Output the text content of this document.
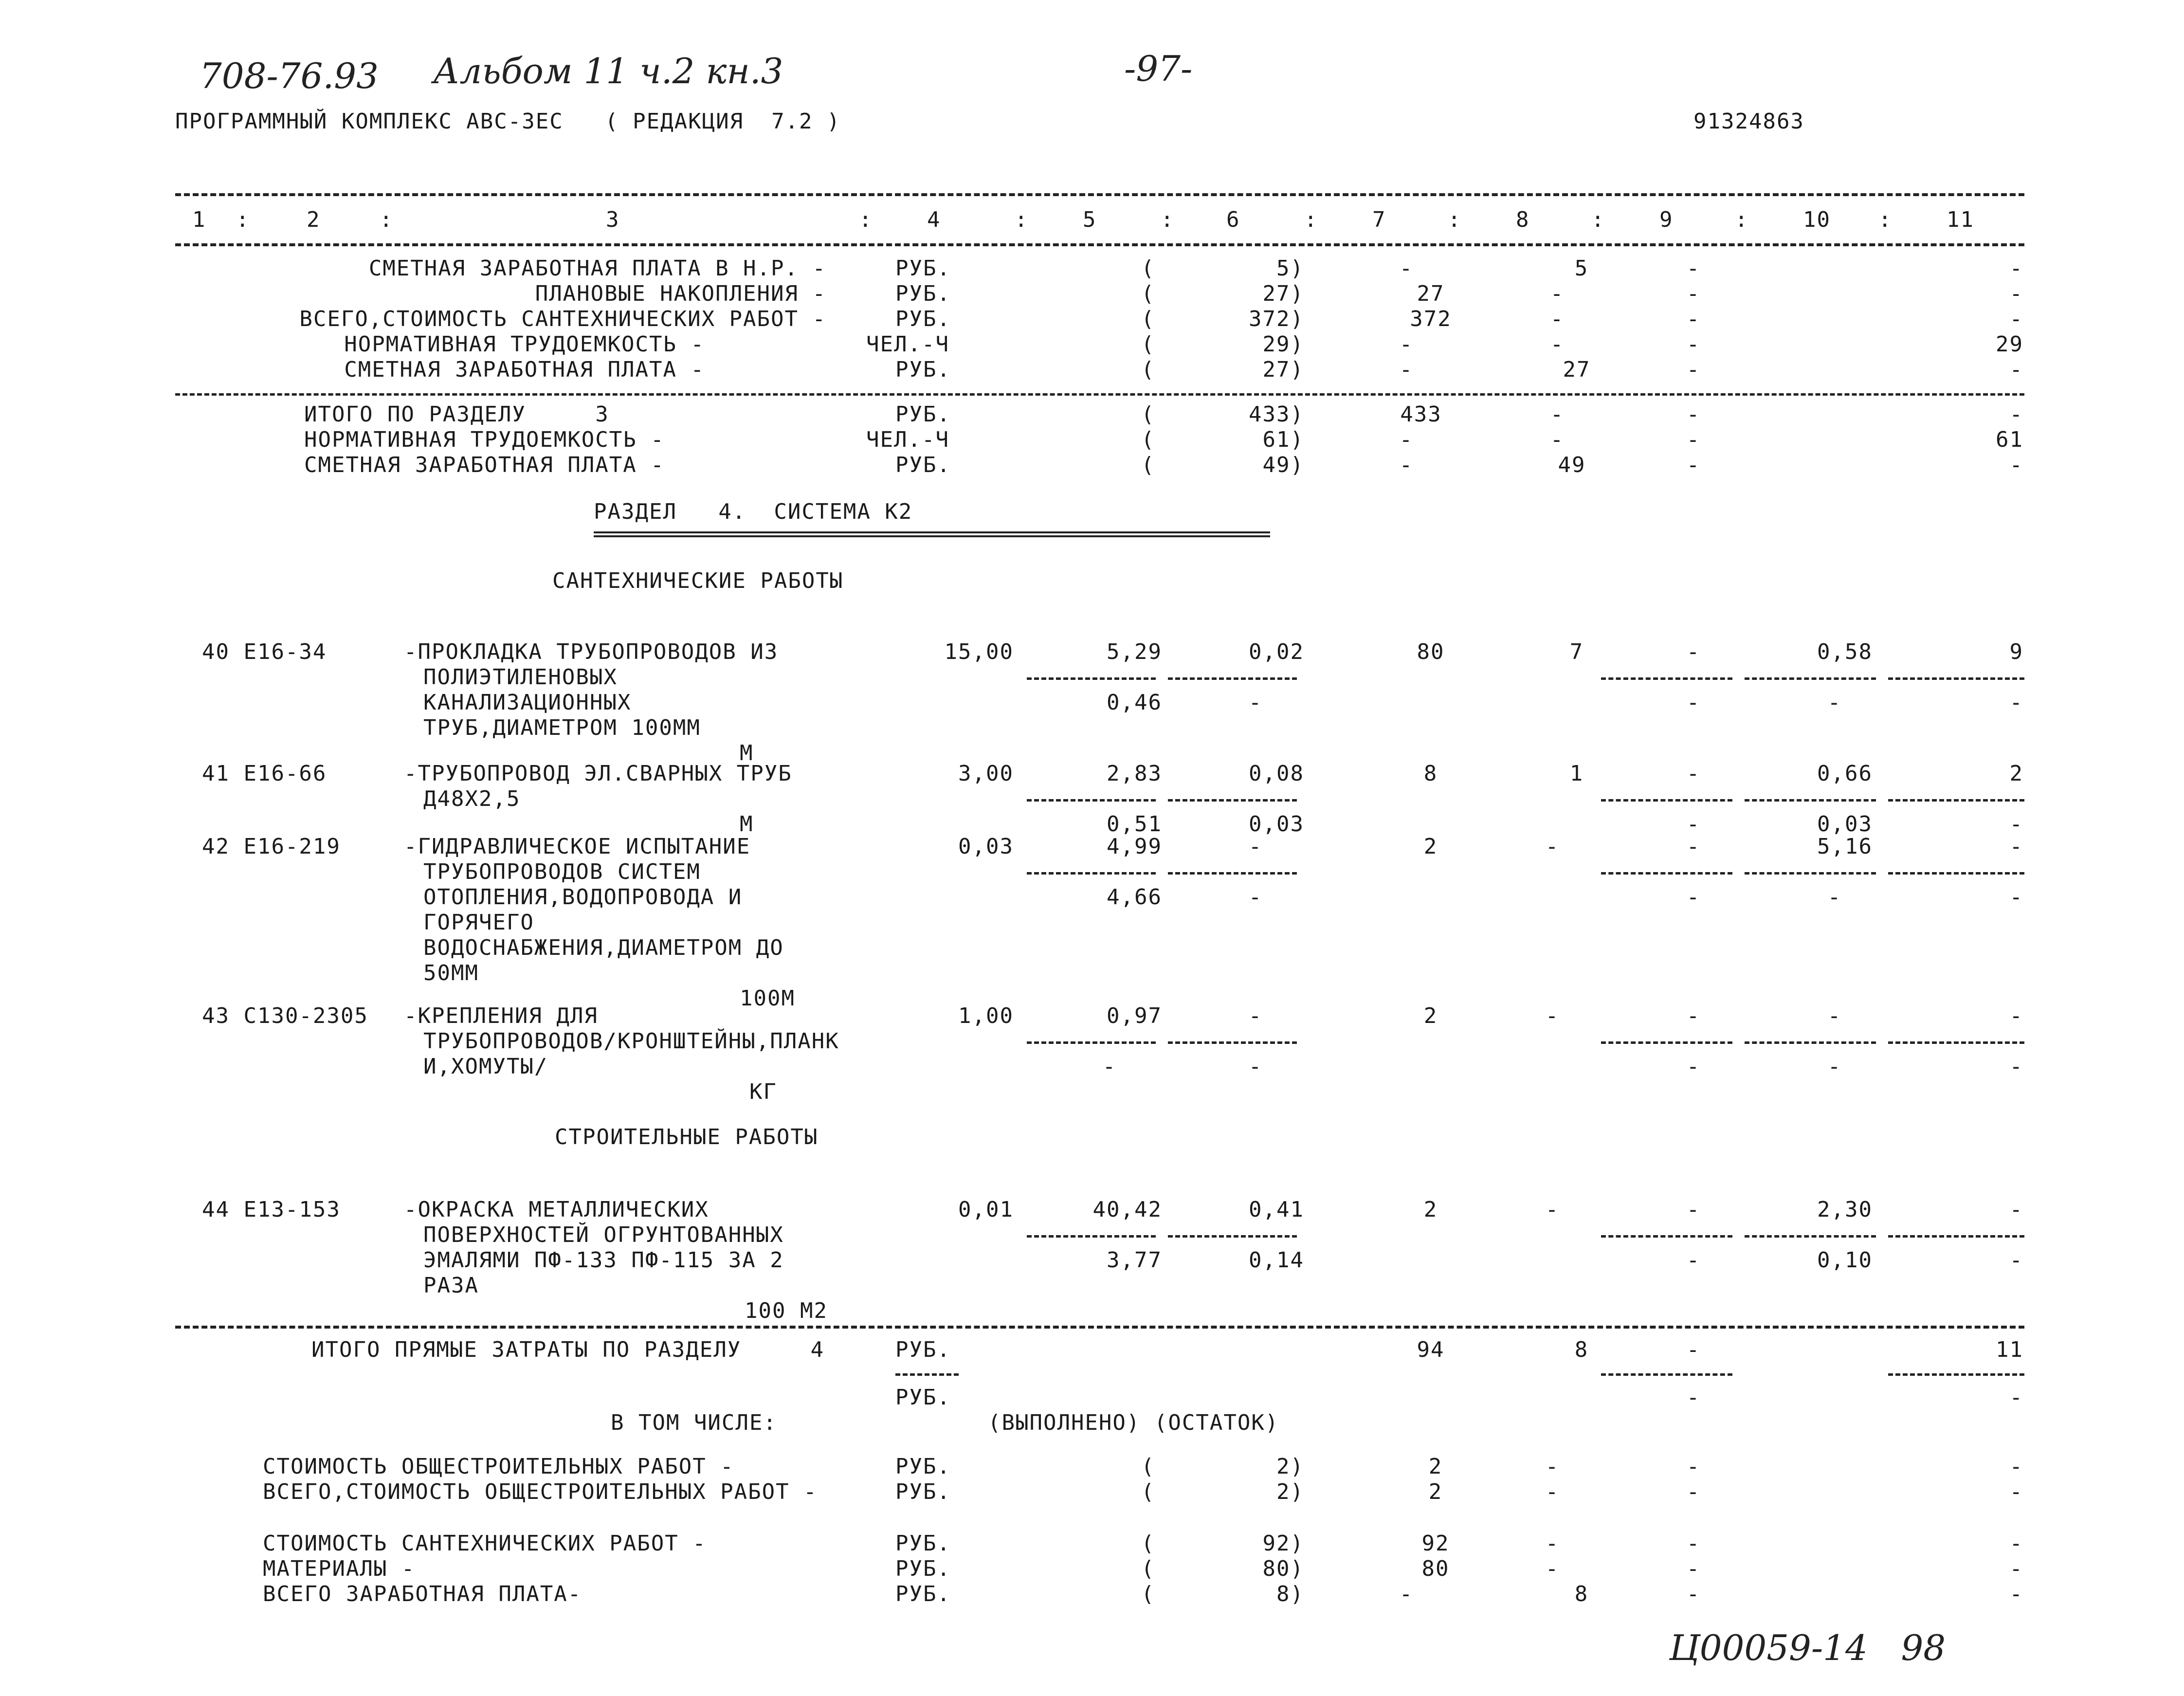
708-76.93 Альбом 11 ч.2 кн.3	-97-
ПРОГРАММНЫЙ КОМПЛЕКС АВС-3ЕС   ( РЕДАКЦИЯ  7.2 )	91324863
1	2	3	4	5	6	7	8	9	10	11
:	:	:	:	:	:	:	:	:	:
СМЕТНАЯ ЗАРАБОТНАЯ ПЛАТА В Н.Р. -	РУБ.	(	5)	-	5	-	-
ПЛАНОВЫЕ НАКОПЛЕНИЯ -	РУБ.	(	27)	27	-	-	-
ВСЕГО,СТОИМОСТЬ САНТЕХНИЧЕСКИХ РАБОТ -	РУБ.	(	372)	372	-	-	-
НОРМАТИВНАЯ ТРУДОЕМКОСТЬ -	ЧЕЛ.-Ч	(	29)	-	-	-	29
СМЕТНАЯ ЗАРАБОТНАЯ ПЛАТА -	РУБ.	(	27)	-	27	-	-
ИТОГО ПО РАЗДЕЛУ     3	РУБ.	(	433)	433	-	-	-
НОРМАТИВНАЯ ТРУДОЕМКОСТЬ -	ЧЕЛ.-Ч	(	61)	-	-	-	61
СМЕТНАЯ ЗАРАБОТНАЯ ПЛАТА -	РУБ.	(	49)	-	49	-	-
РАЗДЕЛ   4.  СИСТЕМА К2
САНТЕХНИЧЕСКИЕ РАБОТЫ
40 Е16-34	-ПРОКЛАДКА ТРУБОПРОВОДОВ ИЗ
ПОЛИЭТИЛЕНОВЫХ
КАНАЛИЗАЦИОННЫХ
ТРУБ,ДИАМЕТРОМ 100ММ
М
15,00	5,29	0,02	80	7	-	0,58	9
0,46	-	-	-	-
41 Е16-66	-ТРУБОПРОВОД ЭЛ.СВАРНЫХ ТРУБ
Д48Х2,5
М
3,00	2,83	0,08	8	1	-	0,66	2
0,51	0,03	-	0,03	-
42 Е16-219	-ГИДРАВЛИЧЕСКОЕ ИСПЫТАНИЕ
ТРУБОПРОВОДОВ СИСТЕМ
ОТОПЛЕНИЯ,ВОДОПРОВОДА И
ГОРЯЧЕГО
ВОДОСНАБЖЕНИЯ,ДИАМЕТРОМ ДО
50ММ
100М
0,03	4,99	-	2	-	-	5,16	-
4,66	-	-	-	-
43 С130-2305 -КРЕПЛЕНИЯ ДЛЯ
ТРУБОПРОВОДОВ/КРОНШТЕЙНЫ,ПЛАНК
И,ХОМУТЫ/
КГ
1,00	0,97	-	2	-	-	-	-
-	-	-	-	-
СТРОИТЕЛЬНЫЕ РАБОТЫ
44 Е13-153	-ОКРАСКА МЕТАЛЛИЧЕСКИХ
ПОВЕРХНОСТЕЙ ОГРУНТОВАННЫХ
ЭМАЛЯМИ ПФ-133 ПФ-115 ЗА 2
РАЗА
100 М2
0,01	40,42	0,41	2	-	-	2,30	-
3,77	0,14	-	0,10	-
ИТОГО ПРЯМЫЕ ЗАТРАТЫ ПО РАЗДЕЛУ     4	РУБ.	94	8	-	11
РУБ.	-	-
В ТОМ ЧИСЛЕ:	(ВЫПОЛНЕНО) (ОСТАТОК)
СТОИМОСТЬ ОБЩЕСТРОИТЕЛЬНЫХ РАБОТ -	РУБ.	(	2)	2	-	-	-
ВСЕГО,СТОИМОСТЬ ОБЩЕСТРОИТЕЛЬНЫХ РАБОТ -	РУБ.	(	2)	2	-	-	-
СТОИМОСТЬ САНТЕХНИЧЕСКИХ РАБОТ -	РУБ.	(	92)	92	-	-	-
МАТЕРИАЛЫ -	РУБ.	(	80)	80	-	-	-
ВСЕГО ЗАРАБОТНАЯ ПЛАТА-	РУБ.	(	8)	-	8	-	-
Ц00059-14   98
